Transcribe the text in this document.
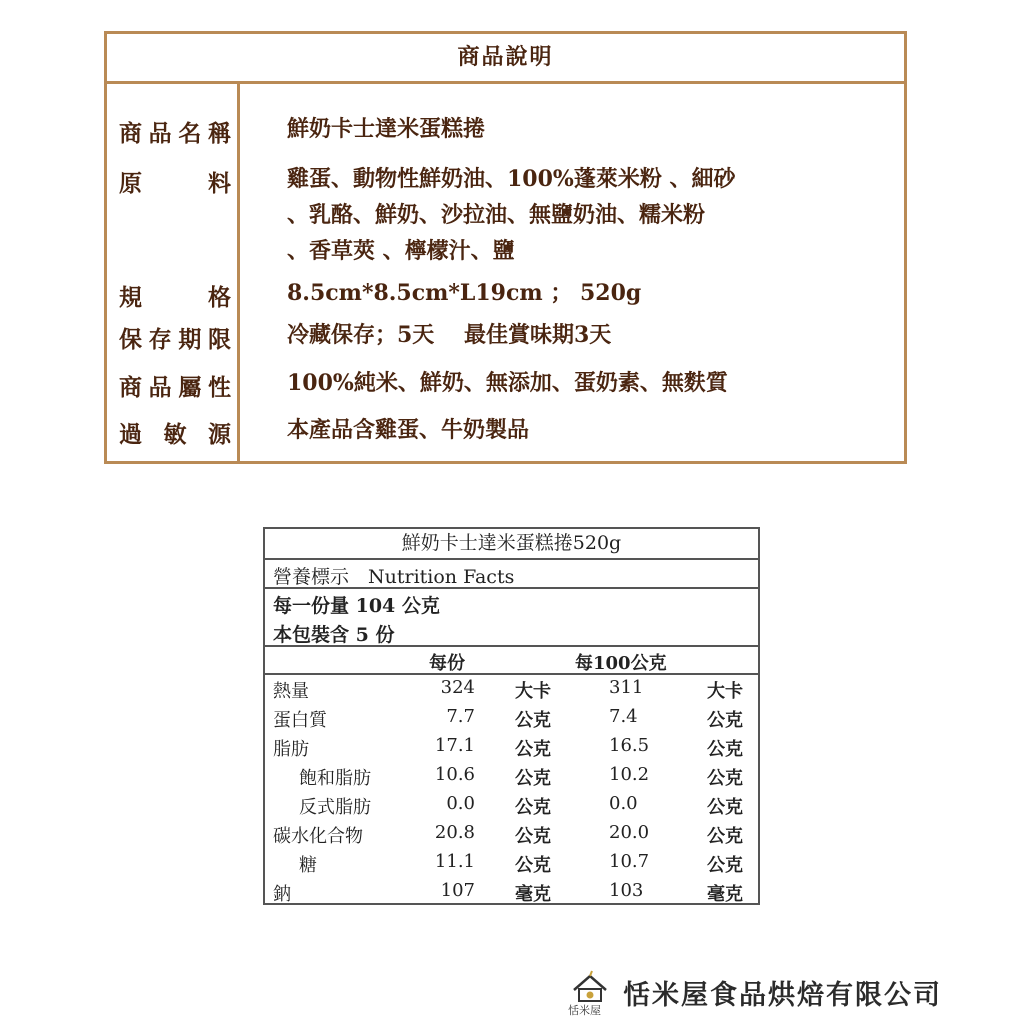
商品說明
商 品 名 稱	鮮奶卡士達米蛋糕捲
原	料	雞蛋、動物性鮮奶油、100%蓬萊米粉 、細砂
、乳酪、鮮奶、沙拉油、無鹽奶油、糯米粉
、香草莢 、檸檬汁、鹽
規	格	8.5cm*8.5cm*L19cm ； 520g
保 存 期 限	冷藏保存；5天　 最佳賞味期3天
商 品 屬 性	100%純米、鮮奶、無添加、蛋奶素、無麩質
過 敏 源	本產品含雞蛋、牛奶製品
鮮奶卡士達米蛋糕捲520g
營養標示　Nutrition Facts
每一份量 104 公克
本包裝含 5 份
每份	每100公克
熱量	324 大卡	311	大卡
蛋白質	7.7 公克	7.4	公克
脂肪	17.1 公克	16.5	公克
飽和脂肪	10.6 公克	10.2	公克
反式脂肪	0.0 公克	0.0	公克
碳水化合物	20.8 公克	20.0	公克
糖	11.1 公克	10.7	公克
鈉	107 毫克	103	毫克
恬米屋 恬米屋食品烘焙有限公司
